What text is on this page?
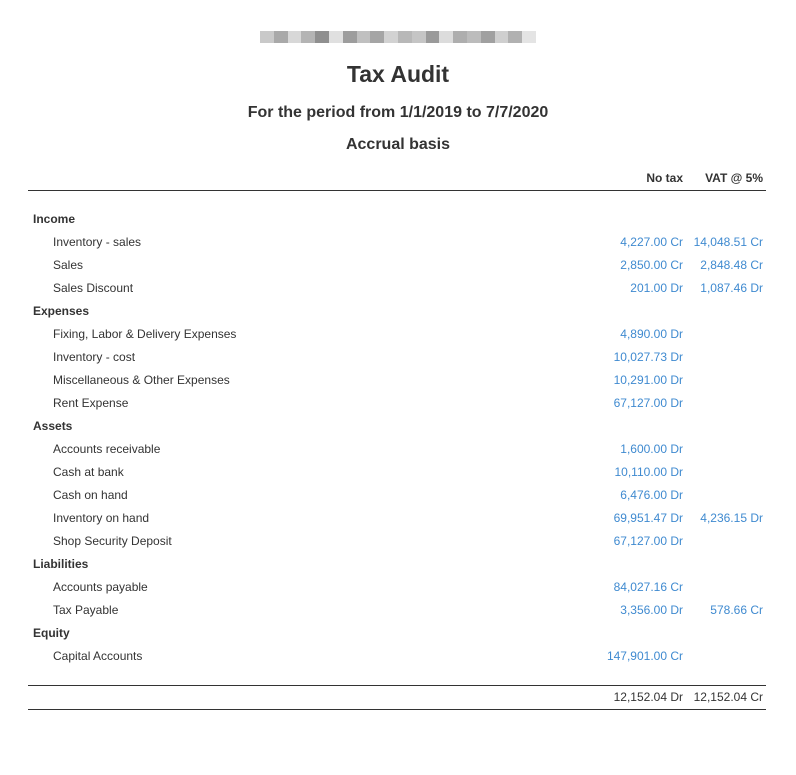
Tax Audit
For the period from 1/1/2019 to 7/7/2020
Accrual basis
No tax VAT @ 5%
Income
Inventory - sales	4,227.00 Cr 14,048.51 Cr
Sales	2,850.00 Cr 2,848.48 Cr
Sales Discount	201.00 Dr 1,087.46 Dr
Expenses
Fixing, Labor & Delivery Expenses	4,890.00 Dr
Inventory - cost	10,027.73 Dr
Miscellaneous & Other Expenses	10,291.00 Dr
Rent Expense	67,127.00 Dr
Assets
Accounts receivable	1,600.00 Dr
Cash at bank	10,110.00 Dr
Cash on hand	6,476.00 Dr
Inventory on hand	69,951.47 Dr 4,236.15 Dr
Shop Security Deposit	67,127.00 Dr
Liabilities
Accounts payable	84,027.16 Cr
Tax Payable	3,356.00 Dr 578.66 Cr
Equity
Capital Accounts	147,901.00 Cr
12,152.04 Dr 12,152.04 Cr
